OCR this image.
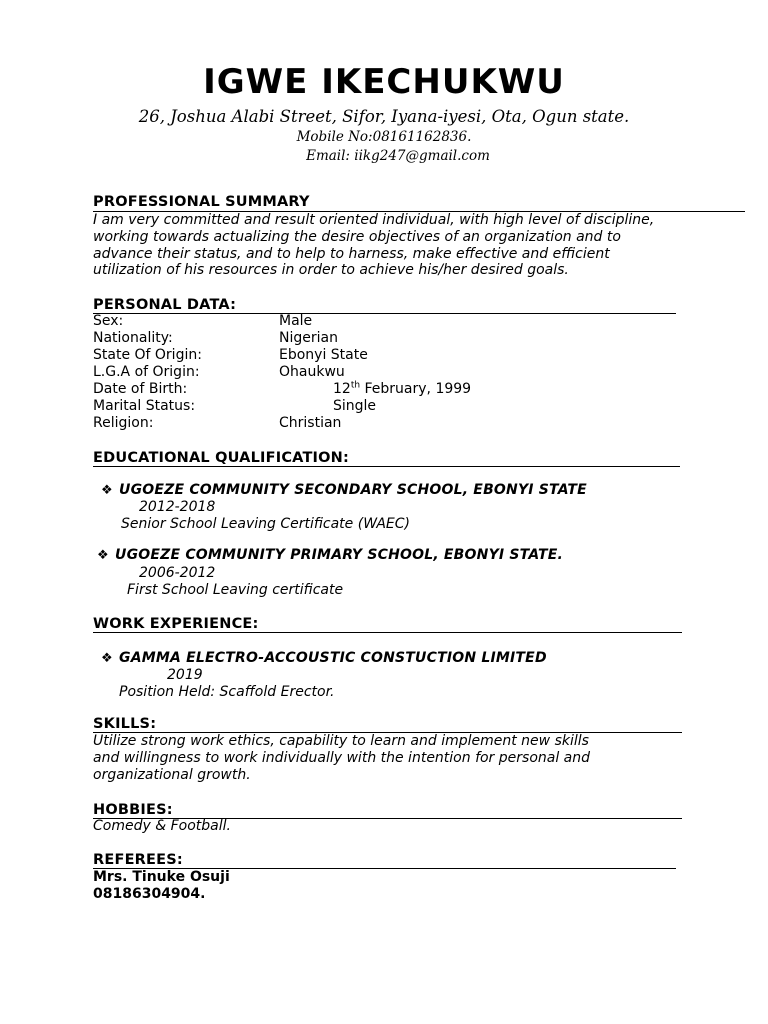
IGWE IKECHUKWU
26, Joshua Alabi Street, Sifor, Iyana-iyesi, Ota, Ogun state.
Mobile No:08161162836.
Email: iikg247@gmail.com
PROFESSIONAL SUMMARY
I am very committed and result oriented individual, with high level of discipline,
working towards actualizing the desire objectives of an organization and to
advance their status, and to help to harness, make effective and efficient
utilization of his resources in order to achieve his/her desired goals.
PERSONAL DATA:
Sex:	Male
Nationality:	Nigerian
State Of Origin:	Ebonyi State
L.G.A of Origin:	Ohaukwu
Date of Birth:	12th February, 1999
Marital Status:	Single
Religion:	Christian
EDUCATIONAL QUALIFICATION:
❖ UGOEZE COMMUNITY SECONDARY SCHOOL, EBONYI STATE
2012-2018
Senior School Leaving Certificate (WAEC)
❖ UGOEZE COMMUNITY PRIMARY SCHOOL, EBONYI STATE.
2006-2012
First School Leaving certificate
WORK EXPERIENCE:
❖ GAMMA ELECTRO-ACCOUSTIC CONSTUCTION LIMITED
2019
Position Held: Scaffold Erector.
SKILLS:
Utilize strong work ethics, capability to learn and implement new skills
and willingness to work individually with the intention for personal and
organizational growth.
HOBBIES:
Comedy & Football.
REFEREES:
Mrs. Tinuke Osuji
08186304904.
